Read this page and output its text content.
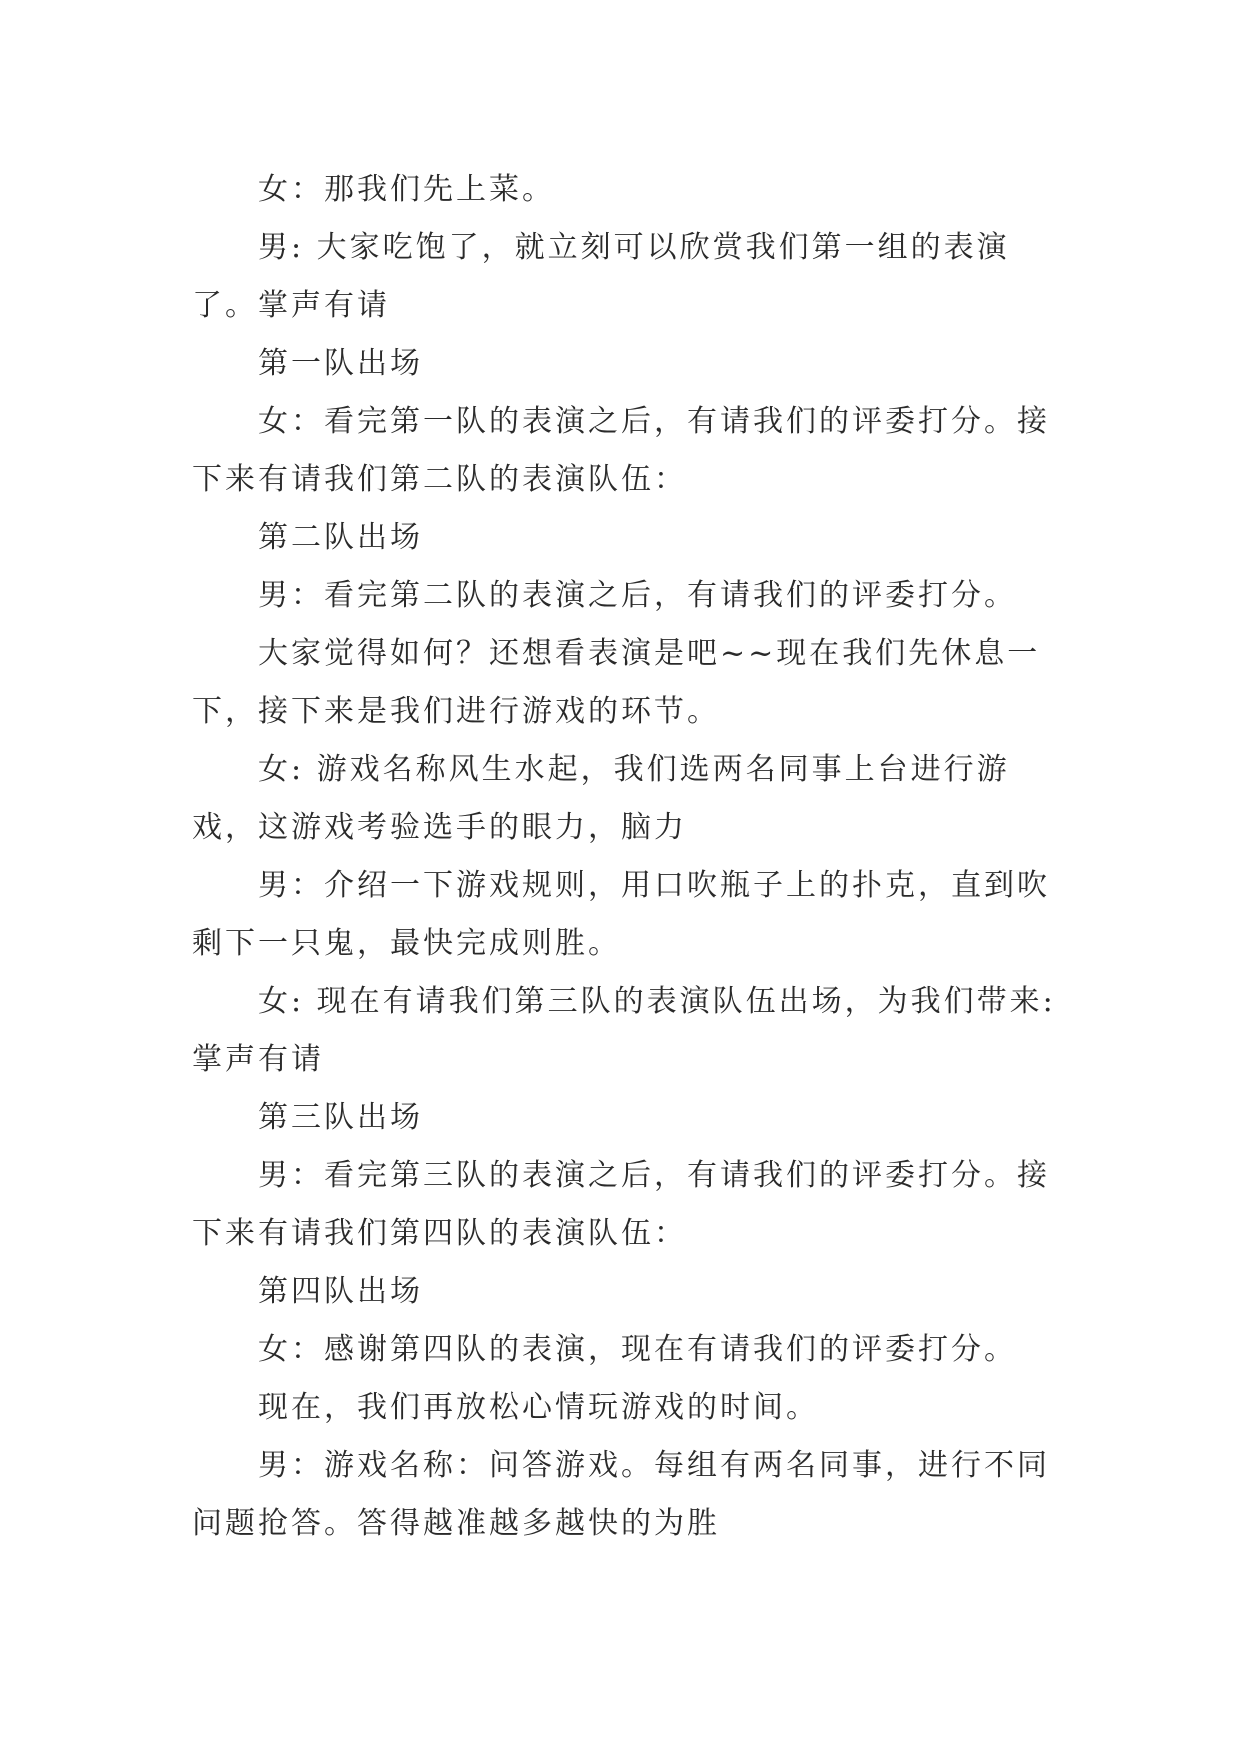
女：那我们先上菜。

男: 大家吃饱了，就立刻可以欣赏我们第一组的表演了。掌声有请

第一队出场

女：看完第一队的表演之后，有请我们的评委打分。接下来有请我们第二队的表演队伍：

第二队出场

男：看完第二队的表演之后，有请我们的评委打分。

大家觉得如何？还想看表演是吧~~现在我们先休息一下，接下来是我们进行游戏的环节。

女: 游戏名称风生水起，我们选两名同事上台进行游戏，这游戏考验选手的眼力，脑力

男：介绍一下游戏规则，用口吹瓶子上的扑克，直到吹剩下一只鬼，最快完成则胜。

女: 现在有请我们第三队的表演队伍出场，为我们带来: 掌声有请

第三队出场

男：看完第三队的表演之后，有请我们的评委打分。接下来有请我们第四队的表演队伍：

第四队出场

女：感谢第四队的表演，现在有请我们的评委打分。

现在，我们再放松心情玩游戏的时间。

男：游戏名称：问答游戏。每组有两名同事，进行不同问题抢答。答得越准越多越快的为胜
